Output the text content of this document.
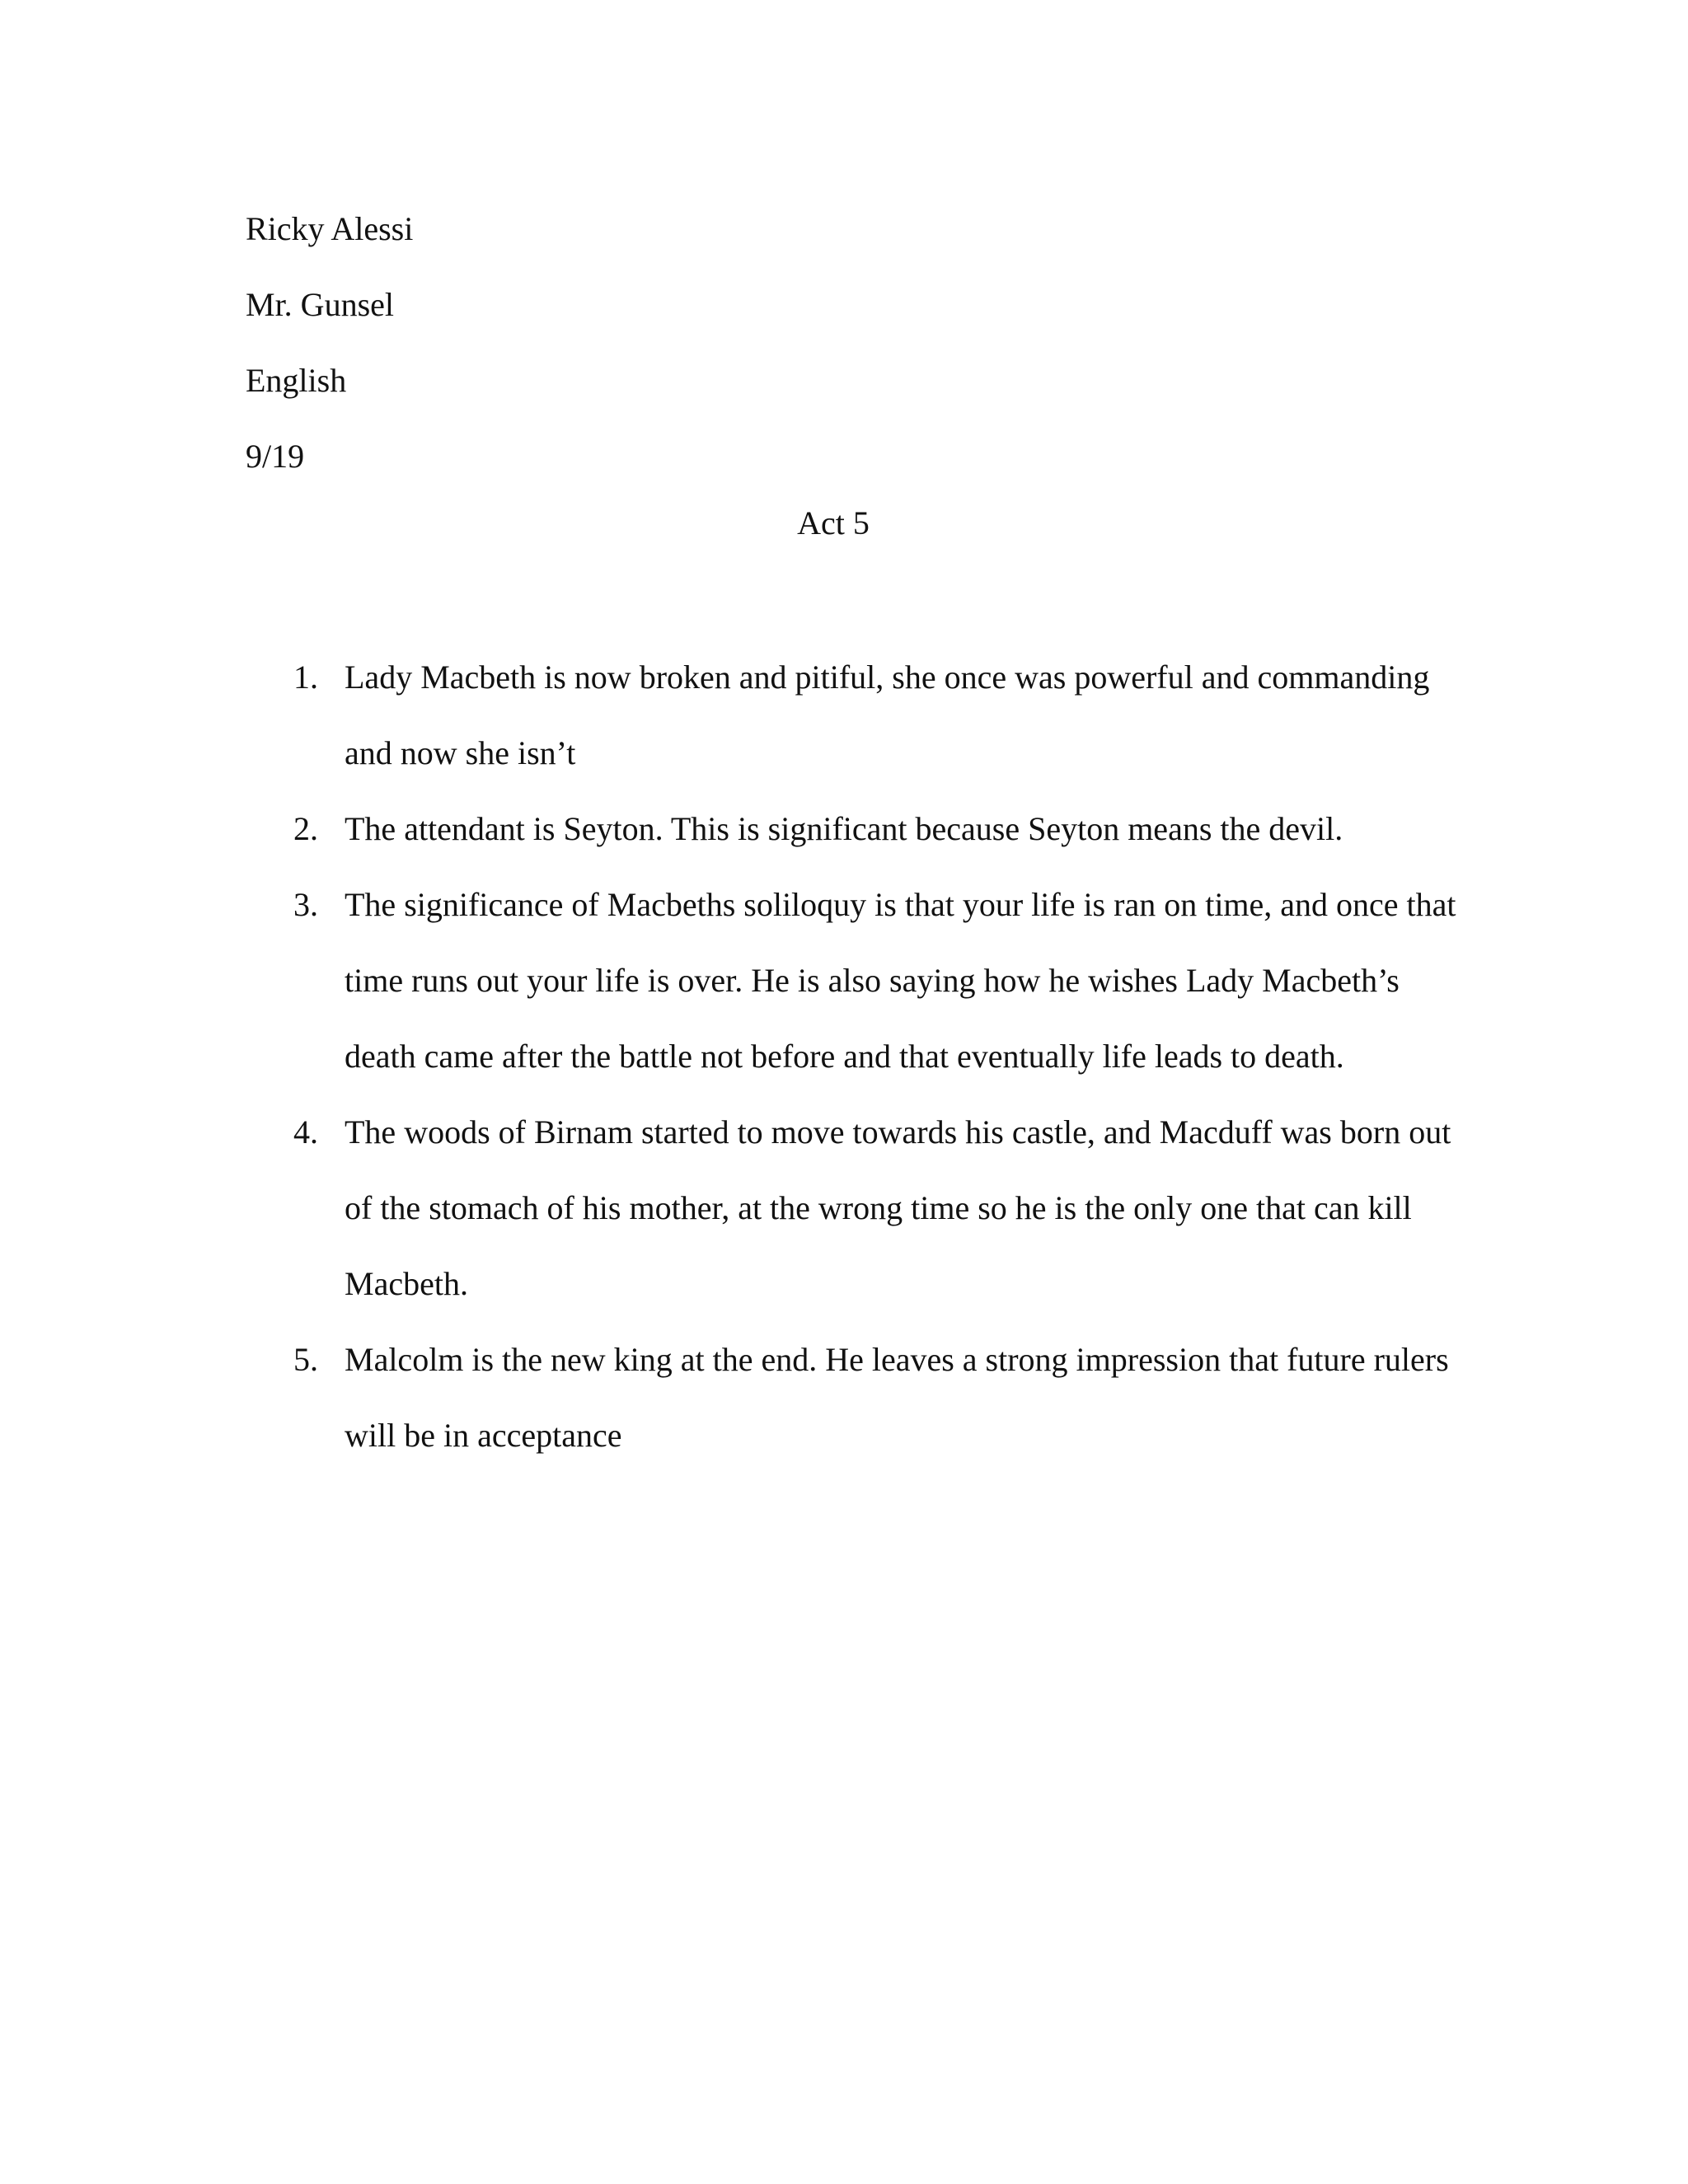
Ricky Alessi
Mr. Gunsel
English
9/19
Act 5
1. Lady Macbeth is now broken and pitiful, she once was powerful and commanding and now she isn’t
2. The attendant is Seyton. This is significant because Seyton means the devil.
3. The significance of Macbeths soliloquy is that your life is ran on time, and once that time runs out your life is over. He is also saying how he wishes Lady Macbeth’s death came after the battle not before and that eventually life leads to death.
4. The woods of Birnam started to move towards his castle, and Macduff was born out of the stomach of his mother, at the wrong time so he is the only one that can kill Macbeth.
5. Malcolm is the new king at the end. He leaves a strong impression that future rulers will be in acceptance
